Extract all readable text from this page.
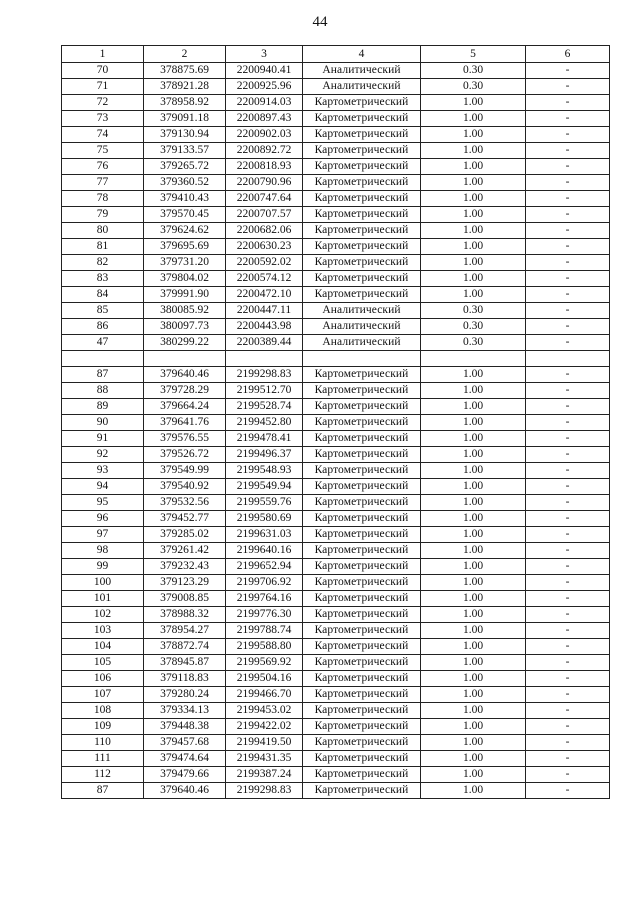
44
1	2	3	4	5	6
70	378875.69	2200940.41	Аналитический	0.30	-
71	378921.28	2200925.96	Аналитический	0.30	-
72	378958.92	2200914.03	Картометрический	1.00	-
73	379091.18	2200897.43	Картометрический	1.00	-
74	379130.94	2200902.03	Картометрический	1.00	-
75	379133.57	2200892.72	Картометрический	1.00	-
76	379265.72	2200818.93	Картометрический	1.00	-
77	379360.52	2200790.96	Картометрический	1.00	-
78	379410.43	2200747.64	Картометрический	1.00	-
79	379570.45	2200707.57	Картометрический	1.00	-
80	379624.62	2200682.06	Картометрический	1.00	-
81	379695.69	2200630.23	Картометрический	1.00	-
82	379731.20	2200592.02	Картометрический	1.00	-
83	379804.02	2200574.12	Картометрический	1.00	-
84	379991.90	2200472.10	Картометрический	1.00	-
85	380085.92	2200447.11	Аналитический	0.30	-
86	380097.73	2200443.98	Аналитический	0.30	-
47	380299.22	2200389.44	Аналитический	0.30	-

87	379640.46	2199298.83	Картометрический	1.00	-
88	379728.29	2199512.70	Картометрический	1.00	-
89	379664.24	2199528.74	Картометрический	1.00	-
90	379641.76	2199452.80	Картометрический	1.00	-
91	379576.55	2199478.41	Картометрический	1.00	-
92	379526.72	2199496.37	Картометрический	1.00	-
93	379549.99	2199548.93	Картометрический	1.00	-
94	379540.92	2199549.94	Картометрический	1.00	-
95	379532.56	2199559.76	Картометрический	1.00	-
96	379452.77	2199580.69	Картометрический	1.00	-
97	379285.02	2199631.03	Картометрический	1.00	-
98	379261.42	2199640.16	Картометрический	1.00	-
99	379232.43	2199652.94	Картометрический	1.00	-
100	379123.29	2199706.92	Картометрический	1.00	-
101	379008.85	2199764.16	Картометрический	1.00	-
102	378988.32	2199776.30	Картометрический	1.00	-
103	378954.27	2199788.74	Картометрический	1.00	-
104	378872.74	2199588.80	Картометрический	1.00	-
105	378945.87	2199569.92	Картометрический	1.00	-
106	379118.83	2199504.16	Картометрический	1.00	-
107	379280.24	2199466.70	Картометрический	1.00	-
108	379334.13	2199453.02	Картометрический	1.00	-
109	379448.38	2199422.02	Картометрический	1.00	-
110	379457.68	2199419.50	Картометрический	1.00	-
111	379474.64	2199431.35	Картометрический	1.00	-
112	379479.66	2199387.24	Картометрический	1.00	-
87	379640.46	2199298.83	Картометрический	1.00	-
